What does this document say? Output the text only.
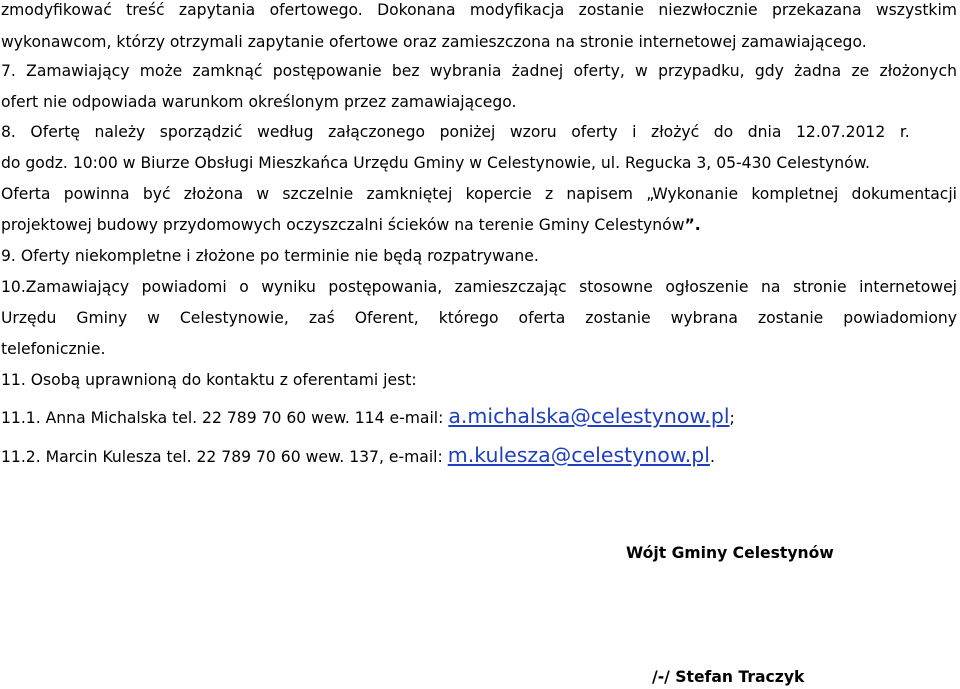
zmodyfikować treść zapytania ofertowego. Dokonana modyfikacja zostanie niezwłocznie przekazana wszystkim
wykonawcom, którzy otrzymali zapytanie ofertowe oraz zamieszczona na stronie internetowej zamawiającego.
7. Zamawiający może zamknąć postępowanie bez wybrania żadnej oferty, w przypadku, gdy żadna ze złożonych
ofert nie odpowiada warunkom określonym przez zamawiającego.
8. Ofertę należy sporządzić według załączonego poniżej wzoru oferty i złożyć do dnia 12.07.2012 r.
do godz. 10:00 w Biurze Obsługi Mieszkańca Urzędu Gminy w Celestynowie, ul. Regucka 3, 05-430 Celestynów.
Oferta powinna być złożona w szczelnie zamkniętej kopercie z napisem „Wykonanie kompletnej dokumentacji
projektowej budowy przydomowych oczyszczalni ścieków na terenie Gminy Celestynów”.
9. Oferty niekompletne i złożone po terminie nie będą rozpatrywane.
10.Zamawiający powiadomi o wyniku postępowania, zamieszczając stosowne ogłoszenie na stronie internetowej
Urzędu Gminy w Celestynowie, zaś Oferent, którego oferta zostanie wybrana zostanie powiadomiony
telefonicznie.
11. Osobą uprawnioną do kontaktu z oferentami jest:
11.1. Anna Michalska tel. 22 789 70 60 wew. 114 e-mail: a.michalska@celestynow.pl;
11.2. Marcin Kulesza tel. 22 789 70 60 wew. 137, e-mail: m.kulesza@celestynow.pl.
Wójt Gminy Celestynów
/-/ Stefan Traczyk
